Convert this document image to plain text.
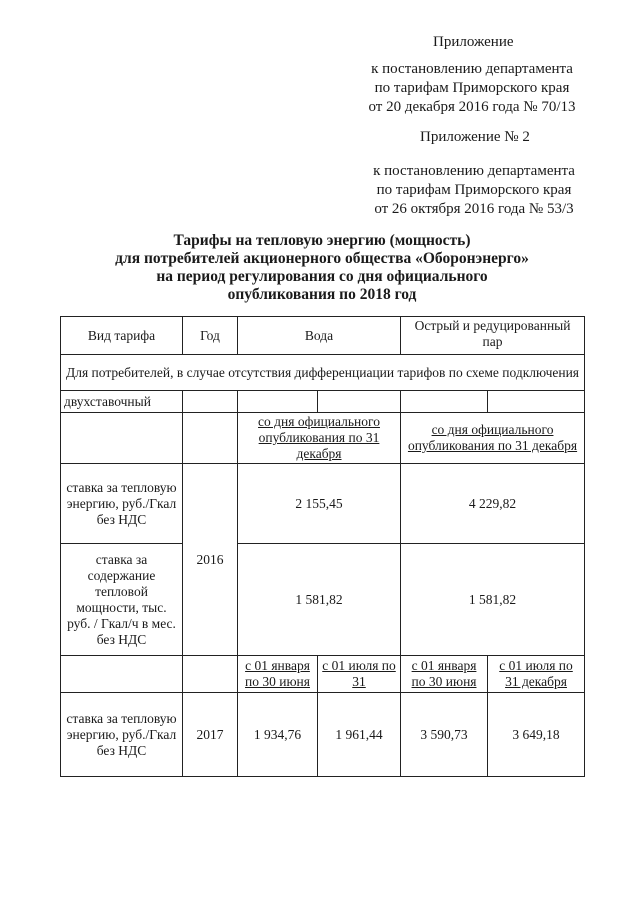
Приложение
к постановлению департамента
по тарифам Приморского края
от 20 декабря 2016 года № 70/13
Приложение № 2
к постановлению департамента
по тарифам Приморского края
от 26 октября 2016 года № 53/3
Тарифы на тепловую энергию (мощность)
для потребителей акционерного общества «Оборонэнерго»
на период регулирования со дня официального
опубликования по 2018 год
Вид тарифа	Год	Вода		Острый и редуцированный пар	
Для потребителей, в случае отсутствия дифференциации тарифов по схеме подключения					
двухставочный					
		со дня официального опубликования по 31 декабря		со дня официального опубликования по 31 декабря	
ставка за тепловую энергию, руб./Гкал без НДС	2016	2 155,45		4 229,82	
ставка за содержание тепловой мощности, тыс. руб. / Гкал/ч в мес. без НДС		1 581,82		1 581,82	
		с 01 января по 30 июня	с 01 июля по 31	с 01 января по 30 июня	с 01 июля по 31 декабря
ставка за тепловую энергию, руб./Гкал без НДС	2017	1 934,76	1 961,44	3 590,73	3 649,18
